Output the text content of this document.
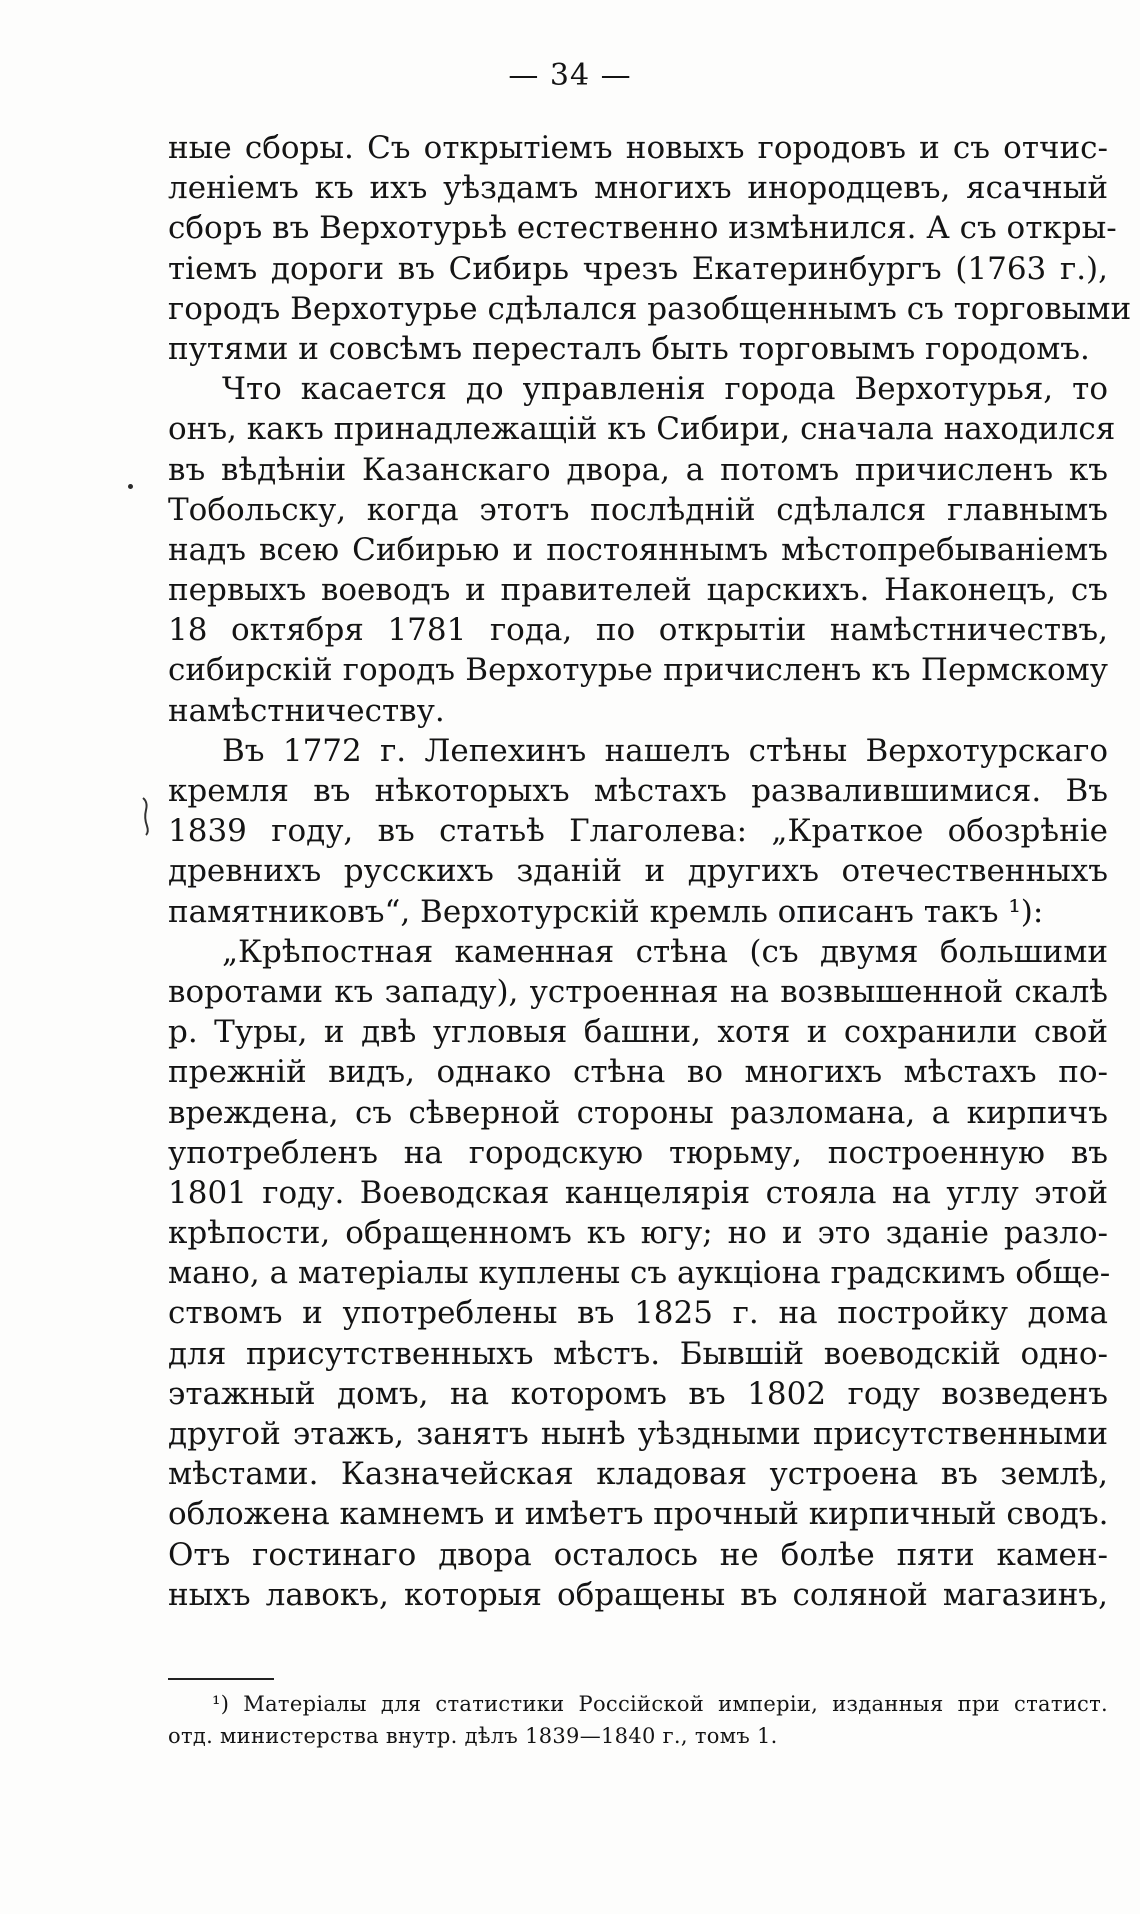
— 34 —
ные сборы. Съ открытіемъ новыхъ городовъ и съ отчис-
леніемъ къ ихъ уѣздамъ многихъ инородцевъ, ясачный
сборъ въ Верхотурьѣ естественно измѣнился. А съ откры-
тіемъ дороги въ Сибирь чрезъ Екатеринбургъ (1763 г.),
городъ Верхотурье сдѣлался разобщеннымъ съ торговыми
путями и совсѣмъ пересталъ быть торговымъ городомъ.
Что касается до управленія города Верхотурья, то
онъ, какъ принадлежащій къ Сибири, сначала находился
въ вѣдѣніи Казанскаго двора, а потомъ причисленъ къ
Тобольску, когда этотъ послѣдній сдѣлался главнымъ
надъ всею Сибирью и постояннымъ мѣстопребываніемъ
первыхъ воеводъ и правителей царскихъ. Наконецъ, съ
18 октября 1781 года, по открытіи намѣстничествъ,
сибирскій городъ Верхотурье причисленъ къ Пермскому
намѣстничеству.
Въ 1772 г. Лепехинъ нашелъ стѣны Верхотурскаго
кремля въ нѣкоторыхъ мѣстахъ развалившимися. Въ
1839 году, въ статьѣ Глаголева: „Краткое обозрѣніе
древнихъ русскихъ зданій и другихъ отечественныхъ
памятниковъ“, Верхотурскій кремль описанъ такъ ¹):
„Крѣпостная каменная стѣна (съ двумя большими
воротами къ западу), устроенная на возвышенной скалѣ
р. Туры, и двѣ угловыя башни, хотя и сохранили свой
прежній видъ, однако стѣна во многихъ мѣстахъ по-
вреждена, съ сѣверной стороны разломана, а кирпичъ
употребленъ на городскую тюрьму, построенную въ
1801 году. Воеводская канцелярія стояла на углу этой
крѣпости, обращенномъ къ югу; но и это зданіе разло-
мано, а матеріалы куплены съ аукціона градскимъ обще-
ствомъ и употреблены въ 1825 г. на постройку дома
для присутственныхъ мѣстъ. Бывшій воеводскій одно-
этажный домъ, на которомъ въ 1802 году возведенъ
другой этажъ, занятъ нынѣ уѣздными присутственными
мѣстами. Казначейская кладовая устроена въ землѣ,
обложена камнемъ и имѣетъ прочный кирпичный сводъ.
Отъ гостинаго двора осталось не болѣе пяти камен-
ныхъ лавокъ, которыя обращены въ соляной магазинъ,
¹) Матеріалы для статистики Россійской имперіи, изданныя при статист.
отд. министерства внутр. дѣлъ 1839—1840 г., томъ 1.
